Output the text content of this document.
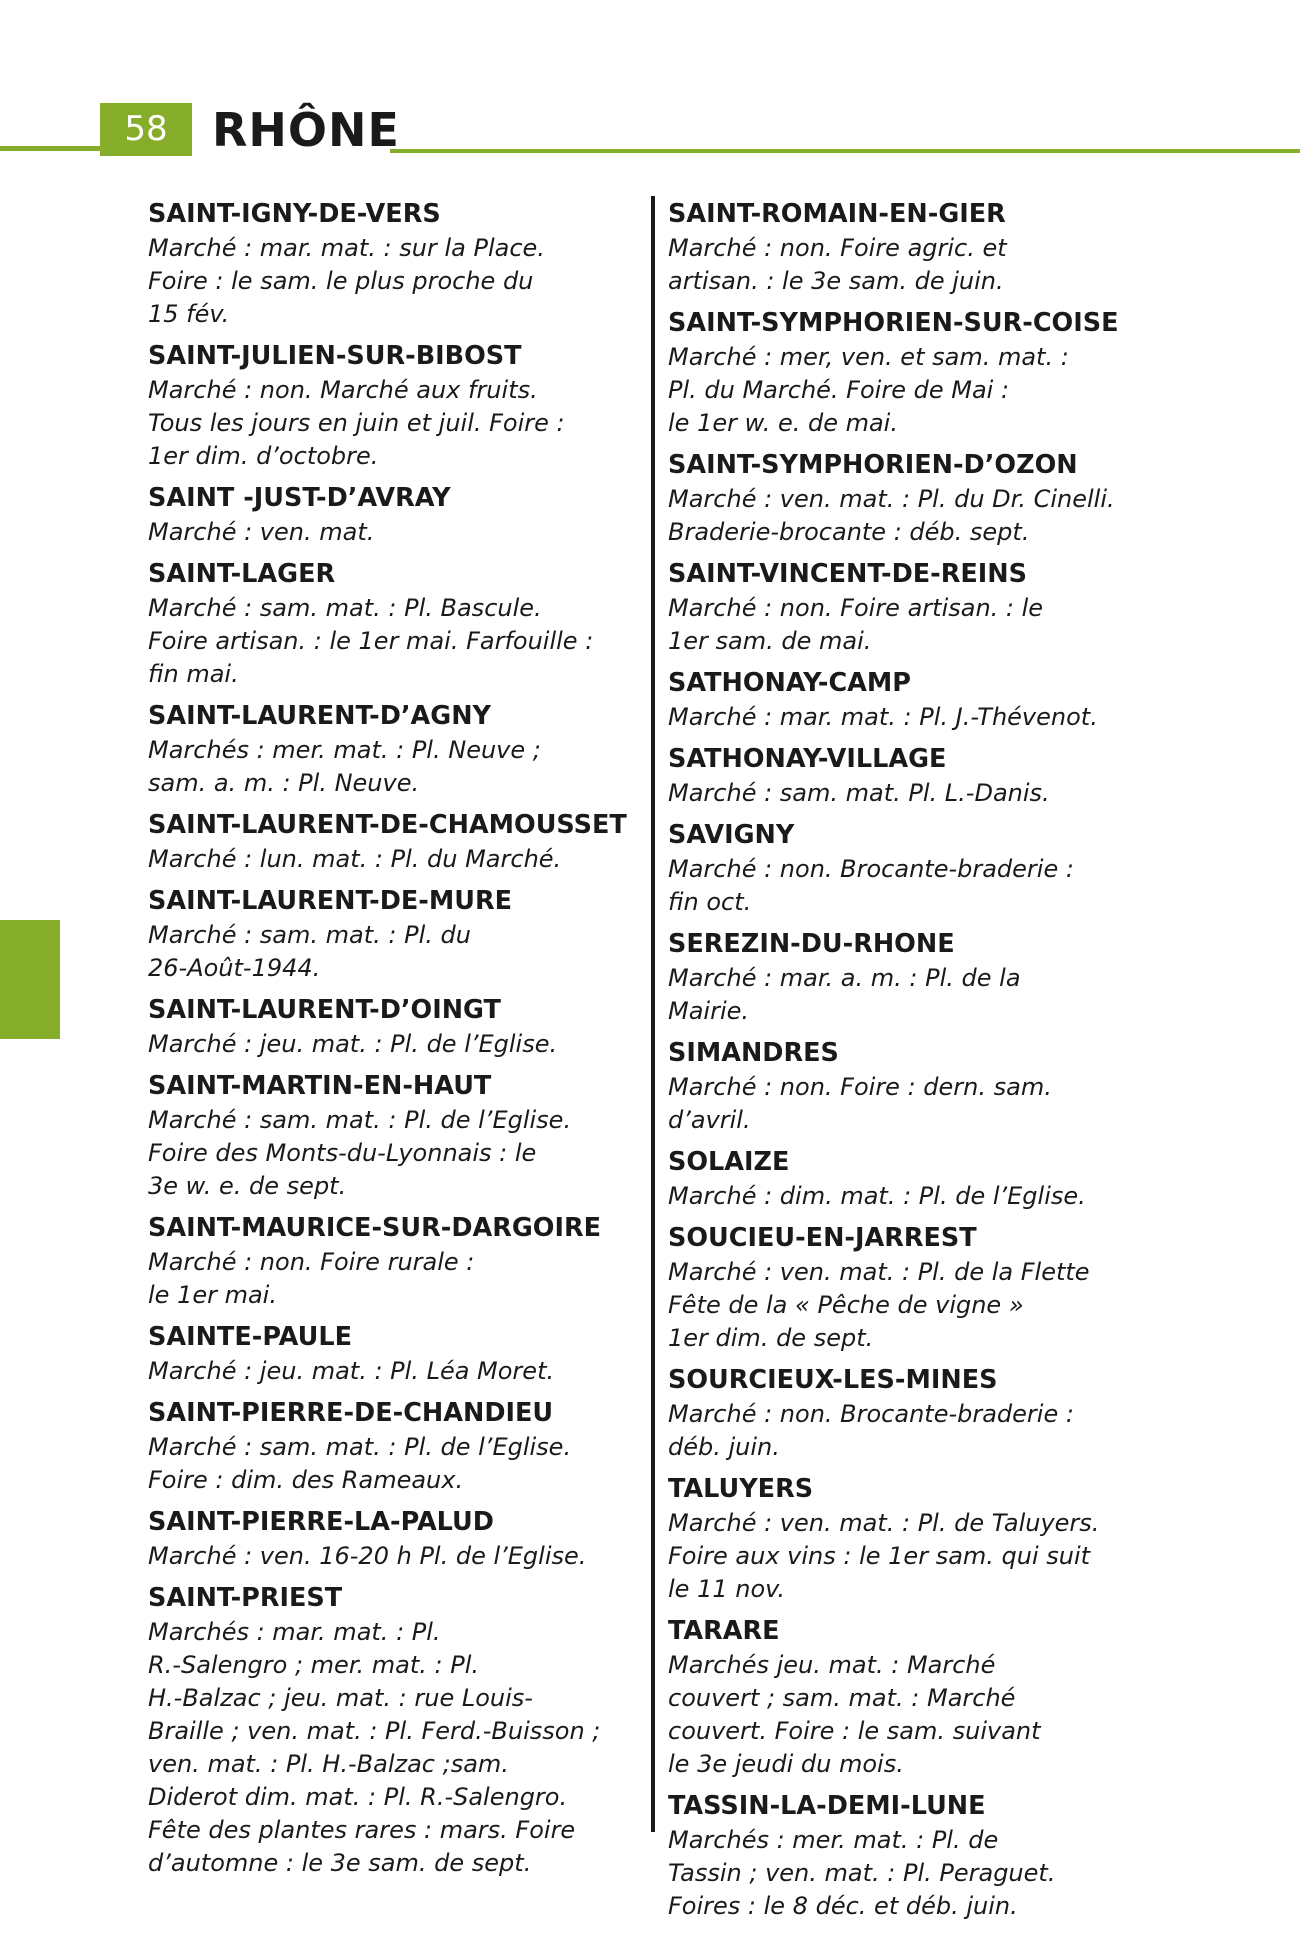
58 RHÔNE
SAINT-IGNY-DE-VERS
Marché : mar. mat. : sur la Place.
Foire : le sam. le plus proche du
15 fév.
SAINT-JULIEN-SUR-BIBOST
Marché : non. Marché aux fruits.
Tous les jours en juin et juil. Foire :
1er dim. d’octobre.
SAINT -JUST-D’AVRAY
Marché : ven. mat.
SAINT-LAGER
Marché : sam. mat. : Pl. Bascule.
Foire artisan. : le 1er mai. Farfouille :
fin mai.
SAINT-LAURENT-D’AGNY
Marchés : mer. mat. : Pl. Neuve ;
sam. a. m. : Pl. Neuve.
SAINT-LAURENT-DE-CHAMOUSSET
Marché : lun. mat. : Pl. du Marché.
SAINT-LAURENT-DE-MURE
Marché : sam. mat. : Pl. du
26-Août-1944.
SAINT-LAURENT-D’OINGT
Marché : jeu. mat. : Pl. de l’Eglise.
SAINT-MARTIN-EN-HAUT
Marché : sam. mat. : Pl. de l’Eglise.
Foire des Monts-du-Lyonnais : le
3e w. e. de sept.
SAINT-MAURICE-SUR-DARGOIRE
Marché : non. Foire rurale :
le 1er mai.
SAINTE-PAULE
Marché : jeu. mat. : Pl. Léa Moret.
SAINT-PIERRE-DE-CHANDIEU
Marché : sam. mat. : Pl. de l’Eglise.
Foire : dim. des Rameaux.
SAINT-PIERRE-LA-PALUD
Marché : ven. 16-20 h Pl. de l’Eglise.
SAINT-PRIEST
Marchés : mar. mat. : Pl.
R.-Salengro ; mer. mat. : Pl.
H.-Balzac ; jeu. mat. : rue Louis-
Braille ; ven. mat. : Pl. Ferd.-Buisson ;
ven. mat. : Pl. H.-Balzac ;sam.
Diderot dim. mat. : Pl. R.-Salengro.
Fête des plantes rares : mars. Foire
d’automne : le 3e sam. de sept.
SAINT-ROMAIN-EN-GIER
Marché : non. Foire agric. et
artisan. : le 3e sam. de juin.
SAINT-SYMPHORIEN-SUR-COISE
Marché : mer, ven. et sam. mat. :
Pl. du Marché. Foire de Mai :
le 1er w. e. de mai.
SAINT-SYMPHORIEN-D’OZON
Marché : ven. mat. : Pl. du Dr. Cinelli.
Braderie-brocante : déb. sept.
SAINT-VINCENT-DE-REINS
Marché : non. Foire artisan. : le
1er sam. de mai.
SATHONAY-CAMP
Marché : mar. mat. : Pl. J.-Thévenot.
SATHONAY-VILLAGE
Marché : sam. mat. Pl. L.-Danis.
SAVIGNY
Marché : non. Brocante-braderie :
fin oct.
SEREZIN-DU-RHONE
Marché : mar. a. m. : Pl. de la
Mairie.
SIMANDRES
Marché : non. Foire : dern. sam.
d’avril.
SOLAIZE
Marché : dim. mat. : Pl. de l’Eglise.
SOUCIEU-EN-JARREST
Marché : ven. mat. : Pl. de la Flette
Fête de la « Pêche de vigne »
1er dim. de sept.
SOURCIEUX-LES-MINES
Marché : non. Brocante-braderie :
déb. juin.
TALUYERS
Marché : ven. mat. : Pl. de Taluyers.
Foire aux vins : le 1er sam. qui suit
le 11 nov.
TARARE
Marchés jeu. mat. : Marché
couvert ; sam. mat. : Marché
couvert. Foire : le sam. suivant
le 3e jeudi du mois.
TASSIN-LA-DEMI-LUNE
Marchés : mer. mat. : Pl. de
Tassin ; ven. mat. : Pl. Peraguet.
Foires : le 8 déc. et déb. juin.
